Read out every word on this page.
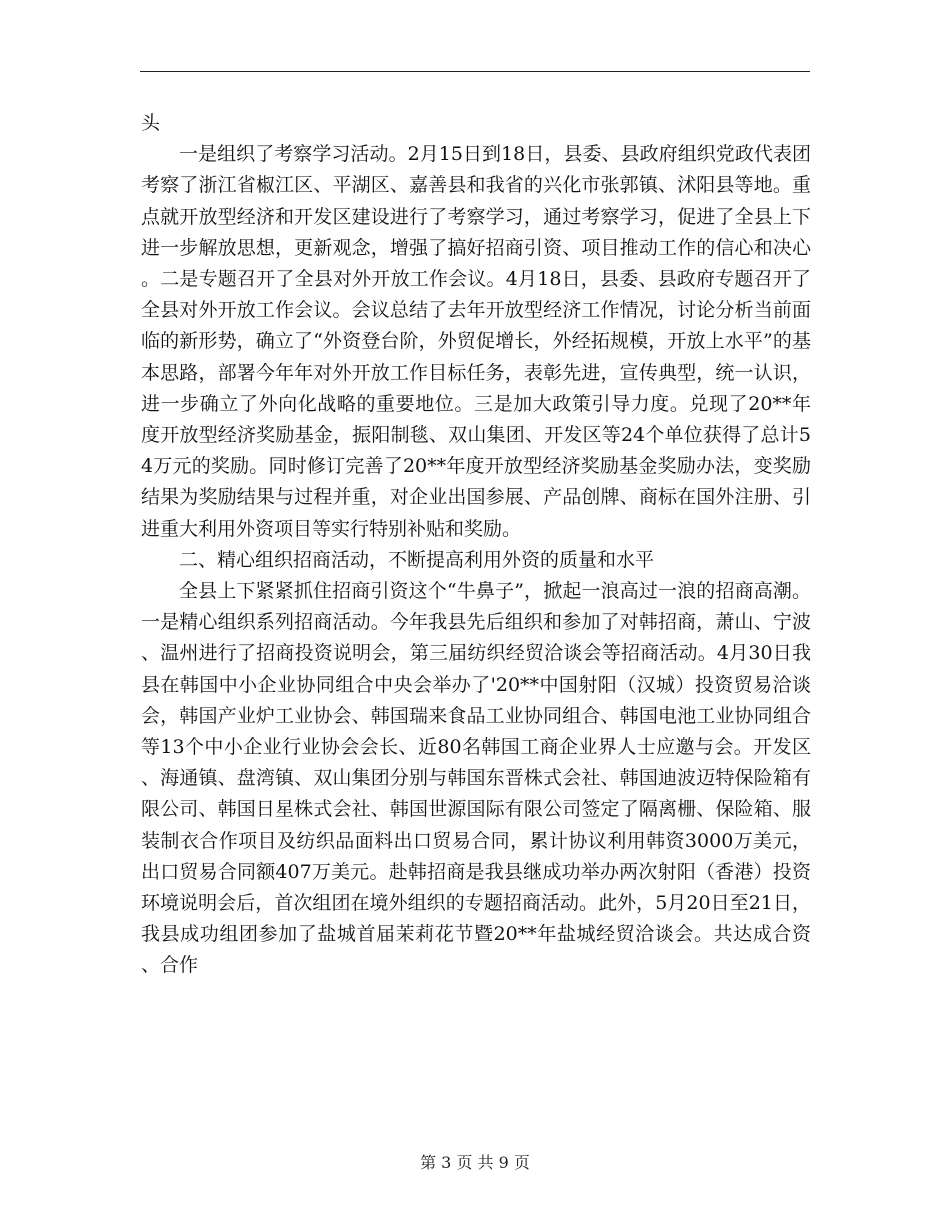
头

一是组织了考察学习活动。2月15日到18日，县委、县政府组织党政代表团考察了浙江省椒江区、平湖区、嘉善县和我省的兴化市张郭镇、沭阳县等地。重点就开放型经济和开发区建设进行了考察学习，通过考察学习，促进了全县上下进一步解放思想，更新观念，增强了搞好招商引资、项目推动工作的信心和决心。二是专题召开了全县对外开放工作会议。4月18日，县委、县政府专题召开了全县对外开放工作会议。会议总结了去年开放型经济工作情况，讨论分析当前面临的新形势，确立了“外资登台阶，外贸促增长，外经拓规模，开放上水平”的基本思路，部署今年年对外开放工作目标任务，表彰先进，宣传典型，统一认识，进一步确立了外向化战略的重要地位。三是加大政策引导力度。兑现了20**年度开放型经济奖励基金，振阳制毯、双山集团、开发区等24个单位获得了总计54万元的奖励。同时修订完善了20**年度开放型经济奖励基金奖励办法，变奖励结果为奖励结果与过程并重，对企业出国参展、产品创牌、商标在国外注册、引进重大利用外资项目等实行特别补贴和奖励。

二、精心组织招商活动，不断提高利用外资的质量和水平

全县上下紧紧抓住招商引资这个“牛鼻子”，掀起一浪高过一浪的招商高潮。一是精心组织系列招商活动。今年我县先后组织和参加了对韩招商，萧山、宁波、温州进行了招商投资说明会，第三届纺织经贸洽谈会等招商活动。4月30日我县在韩国中小企业协同组合中央会举办了'20**中国射阳（汉城）投资贸易洽谈会，韩国产业炉工业协会、韩国瑞来食品工业协同组合、韩国电池工业协同组合等13个中小企业行业协会会长、近80名韩国工商企业界人士应邀与会。开发区、海通镇、盘湾镇、双山集团分别与韩国东晋株式会社、韩国迪波迈特保险箱有限公司、韩国日星株式会社、韩国世源国际有限公司签定了隔离栅、保险箱、服装制衣合作项目及纺织品面料出口贸易合同，累计协议利用韩资3000万美元，出口贸易合同额407万美元。赴韩招商是我县继成功举办两次射阳（香港）投资环境说明会后，首次组团在境外组织的专题招商活动。此外，5月20日至21日，我县成功组团参加了盐城首届茉莉花节暨20**年盐城经贸洽谈会。共达成合资、合作

第 3 页 共 9 页
